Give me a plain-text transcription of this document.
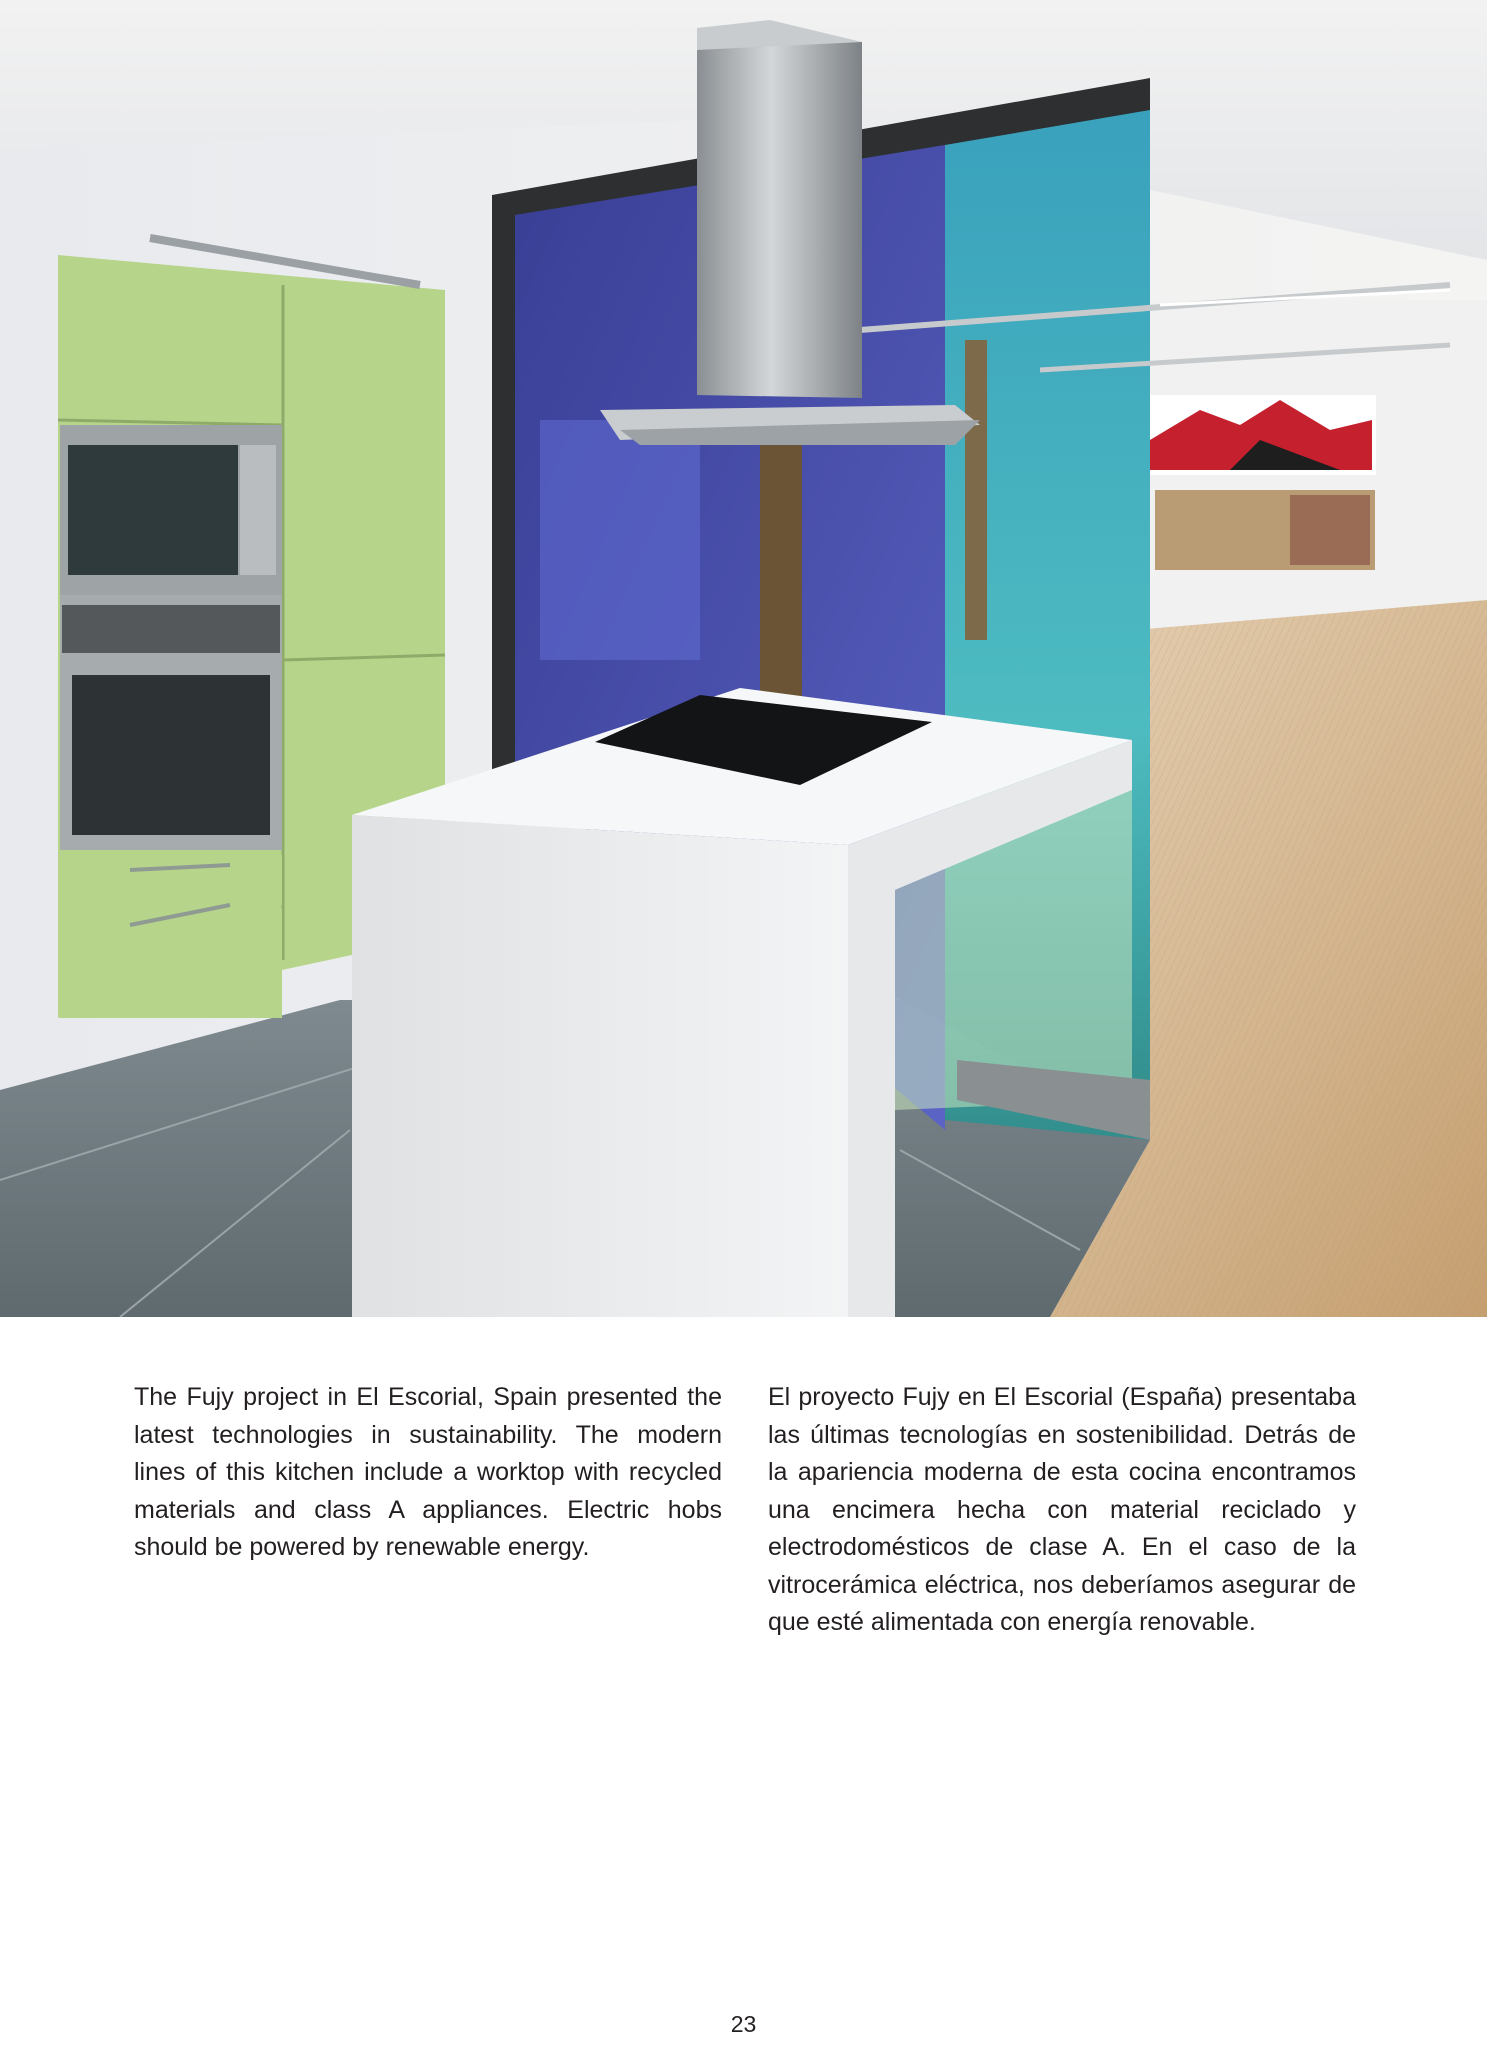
The Fujy project in El Escorial, Spain presented the latest technologies in sustainability. The modern lines of this kitchen include a worktop with recycled materials and class A appliances. Electric hobs should be powered by renewable energy.
El proyecto Fujy en El Escorial (España) presentaba las últimas tecnologías en sostenibilidad. Detrás de la apariencia moderna de esta cocina encontramos una encimera hecha con material reciclado y electrodomésticos de clase A. En el caso de la vitrocerámica eléctrica, nos deberíamos asegurar de que esté alimentada con energía renovable.
23
